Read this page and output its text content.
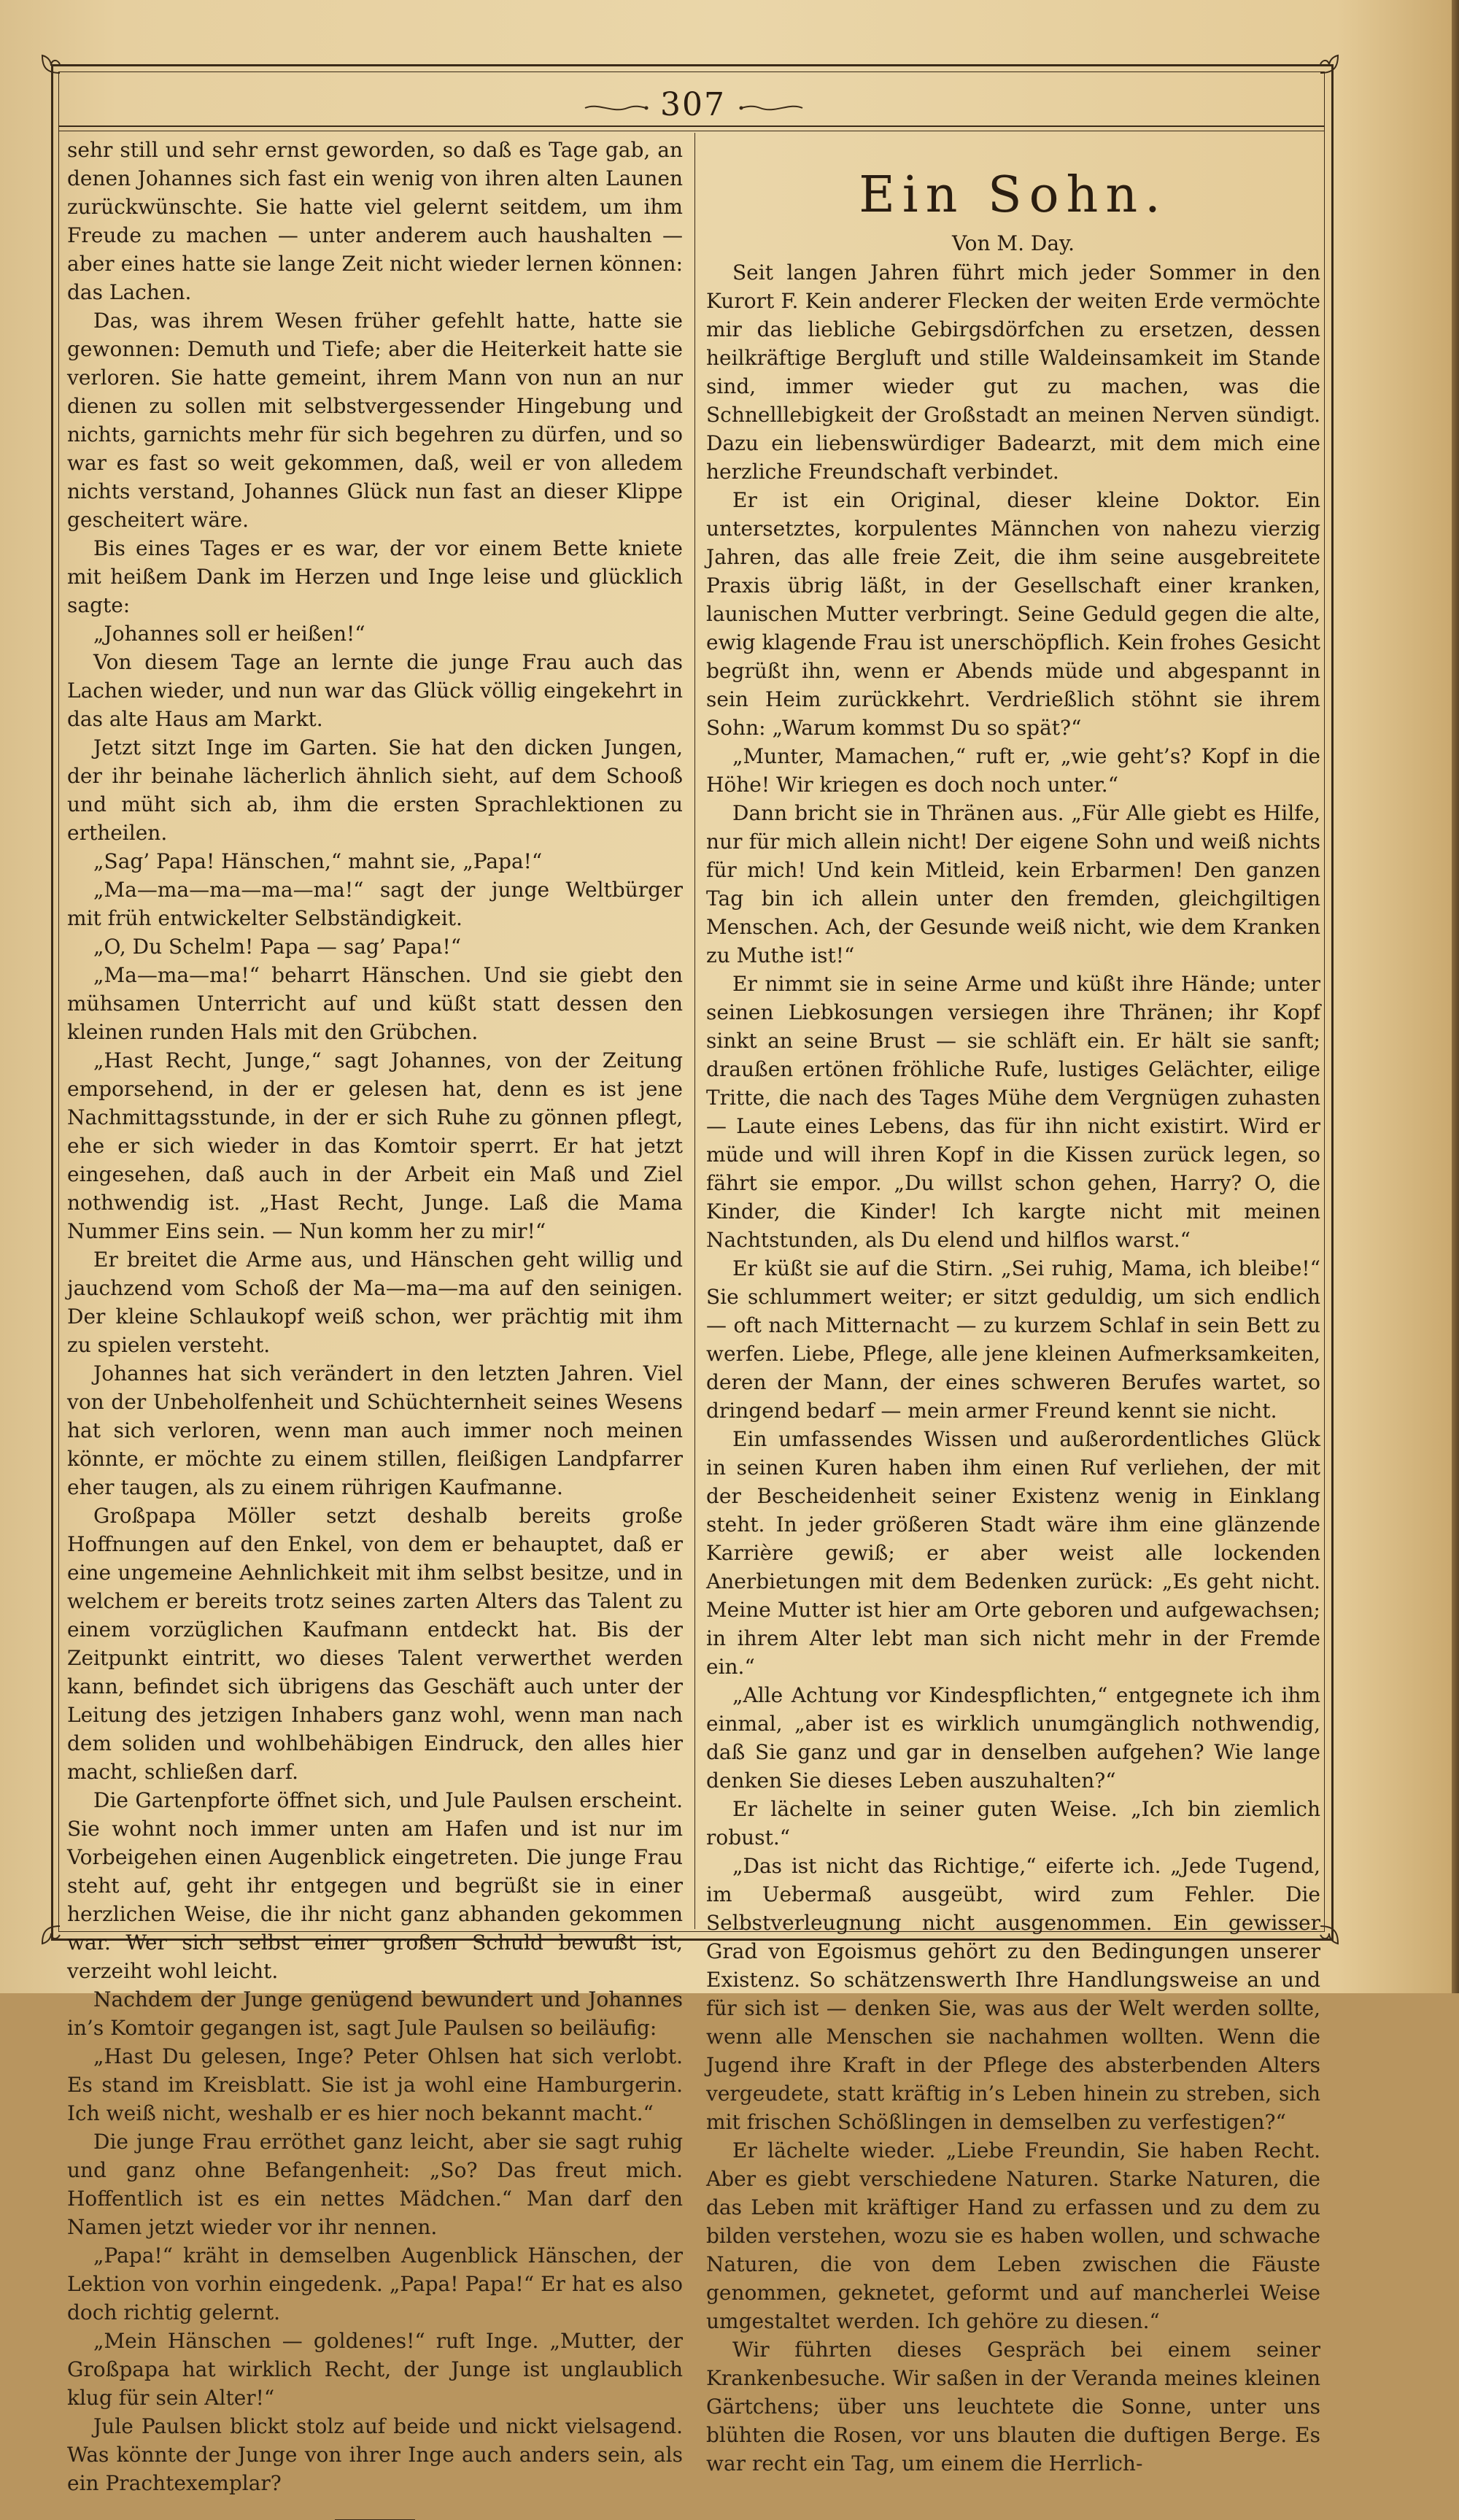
307

sehr still und sehr ernst geworden, so daß es Tage gab, an denen Johannes sich fast ein wenig von ihren alten Launen zurückwünschte. Sie hatte viel gelernt seitdem, um ihm Freude zu machen — unter anderem auch haushalten — aber eines hatte sie lange Zeit nicht wieder lernen können: das Lachen.

Das, was ihrem Wesen früher gefehlt hatte, hatte sie gewonnen: Demuth und Tiefe; aber die Heiterkeit hatte sie verloren. Sie hatte gemeint, ihrem Mann von nun an nur dienen zu sollen mit selbstvergessender Hingebung und nichts, garnichts mehr für sich begehren zu dürfen, und so war es fast so weit gekommen, daß, weil er von alledem nichts verstand, Johannes Glück nun fast an dieser Klippe gescheitert wäre.

Bis eines Tages er es war, der vor einem Bette kniete mit heißem Dank im Herzen und Inge leise und glücklich sagte:

„Johannes soll er heißen!“

Von diesem Tage an lernte die junge Frau auch das Lachen wieder, und nun war das Glück völlig eingekehrt in das alte Haus am Markt.

Jetzt sitzt Inge im Garten. Sie hat den dicken Jungen, der ihr beinahe lächerlich ähnlich sieht, auf dem Schooß und müht sich ab, ihm die ersten Sprachlektionen zu ertheilen.

„Sag’ Papa! Hänschen,“ mahnt sie, „Papa!“

„Ma—ma—ma—ma—ma!“ sagt der junge Weltbürger mit früh entwickelter Selbständigkeit.

„O, Du Schelm! Papa — sag’ Papa!“

„Ma—ma—ma!“ beharrt Hänschen. Und sie giebt den mühsamen Unterricht auf und küßt statt dessen den kleinen runden Hals mit den Grübchen.

„Hast Recht, Junge,“ sagt Johannes, von der Zeitung emporsehend, in der er gelesen hat, denn es ist jene Nachmittagsstunde, in der er sich Ruhe zu gönnen pflegt, ehe er sich wieder in das Komtoir sperrt. Er hat jetzt eingesehen, daß auch in der Arbeit ein Maß und Ziel nothwendig ist. „Hast Recht, Junge. Laß die Mama Nummer Eins sein. — Nun komm her zu mir!“

Er breitet die Arme aus, und Hänschen geht willig und jauchzend vom Schoß der Ma—ma—ma auf den seinigen. Der kleine Schlaukopf weiß schon, wer prächtig mit ihm zu spielen versteht.

Johannes hat sich verändert in den letzten Jahren. Viel von der Unbeholfenheit und Schüchternheit seines Wesens hat sich verloren, wenn man auch immer noch meinen könnte, er möchte zu einem stillen, fleißigen Landpfarrer eher taugen, als zu einem rührigen Kaufmanne.

Großpapa Möller setzt deshalb bereits große Hoffnungen auf den Enkel, von dem er behauptet, daß er eine ungemeine Aehnlichkeit mit ihm selbst besitze, und in welchem er bereits trotz seines zarten Alters das Talent zu einem vorzüglichen Kaufmann entdeckt hat. Bis der Zeitpunkt eintritt, wo dieses Talent verwerthet werden kann, befindet sich übrigens das Geschäft auch unter der Leitung des jetzigen Inhabers ganz wohl, wenn man nach dem soliden und wohlbehäbigen Eindruck, den alles hier macht, schließen darf.

Die Gartenpforte öffnet sich, und Jule Paulsen erscheint. Sie wohnt noch immer unten am Hafen und ist nur im Vorbeigehen einen Augenblick eingetreten. Die junge Frau steht auf, geht ihr entgegen und begrüßt sie in einer herzlichen Weise, die ihr nicht ganz abhanden gekommen war. Wer sich selbst einer großen Schuld bewußt ist, verzeiht wohl leicht.

Nachdem der Junge genügend bewundert und Johannes in’s Komtoir gegangen ist, sagt Jule Paulsen so beiläufig:

„Hast Du gelesen, Inge? Peter Ohlsen hat sich verlobt. Es stand im Kreisblatt. Sie ist ja wohl eine Hamburgerin. Ich weiß nicht, weshalb er es hier noch bekannt macht.“

Die junge Frau erröthet ganz leicht, aber sie sagt ruhig und ganz ohne Befangenheit: „So? Das freut mich. Hoffentlich ist es ein nettes Mädchen.“ Man darf den Namen jetzt wieder vor ihr nennen.

„Papa!“ kräht in demselben Augenblick Hänschen, der Lektion von vorhin eingedenk. „Papa! Papa!“ Er hat es also doch richtig gelernt.

„Mein Hänschen — goldenes!“ ruft Inge. „Mutter, der Großpapa hat wirklich Recht, der Junge ist unglaublich klug für sein Alter!“

Jule Paulsen blickt stolz auf beide und nickt vielsagend. Was könnte der Junge von ihrer Inge auch anders sein, als ein Prachtexemplar?

Ein Sohn.
Von M. Day.

Seit langen Jahren führt mich jeder Sommer in den Kurort F. Kein anderer Flecken der weiten Erde vermöchte mir das liebliche Gebirgsdörfchen zu ersetzen, dessen heilkräftige Bergluft und stille Waldeinsamkeit im Stande sind, immer wieder gut zu machen, was die Schnelllebigkeit der Großstadt an meinen Nerven sündigt. Dazu ein liebenswürdiger Badearzt, mit dem mich eine herzliche Freundschaft verbindet.

Er ist ein Original, dieser kleine Doktor. Ein untersetztes, korpulentes Männchen von nahezu vierzig Jahren, das alle freie Zeit, die ihm seine ausgebreitete Praxis übrig läßt, in der Gesellschaft einer kranken, launischen Mutter verbringt. Seine Geduld gegen die alte, ewig klagende Frau ist unerschöpflich. Kein frohes Gesicht begrüßt ihn, wenn er Abends müde und abgespannt in sein Heim zurückkehrt. Verdrießlich stöhnt sie ihrem Sohn: „Warum kommst Du so spät?“

„Munter, Mamachen,“ ruft er, „wie geht’s? Kopf in die Höhe! Wir kriegen es doch noch unter.“

Dann bricht sie in Thränen aus. „Für Alle giebt es Hilfe, nur für mich allein nicht! Der eigene Sohn und weiß nichts für mich! Und kein Mitleid, kein Erbarmen! Den ganzen Tag bin ich allein unter den fremden, gleichgiltigen Menschen. Ach, der Gesunde weiß nicht, wie dem Kranken zu Muthe ist!“

Er nimmt sie in seine Arme und küßt ihre Hände; unter seinen Liebkosungen versiegen ihre Thränen; ihr Kopf sinkt an seine Brust — sie schläft ein. Er hält sie sanft; draußen ertönen fröhliche Rufe, lustiges Gelächter, eilige Tritte, die nach des Tages Mühe dem Vergnügen zuhasten — Laute eines Lebens, das für ihn nicht existirt. Wird er müde und will ihren Kopf in die Kissen zurück legen, so fährt sie empor. „Du willst schon gehen, Harry? O, die Kinder, die Kinder! Ich kargte nicht mit meinen Nachtstunden, als Du elend und hilflos warst.“

Er küßt sie auf die Stirn. „Sei ruhig, Mama, ich bleibe!“ Sie schlummert weiter; er sitzt geduldig, um sich endlich — oft nach Mitternacht — zu kurzem Schlaf in sein Bett zu werfen. Liebe, Pflege, alle jene kleinen Aufmerksamkeiten, deren der Mann, der eines schweren Berufes wartet, so dringend bedarf — mein armer Freund kennt sie nicht.

Ein umfassendes Wissen und außerordentliches Glück in seinen Kuren haben ihm einen Ruf verliehen, der mit der Bescheidenheit seiner Existenz wenig in Einklang steht. In jeder größeren Stadt wäre ihm eine glänzende Karrière gewiß; er aber weist alle lockenden Anerbietungen mit dem Bedenken zurück: „Es geht nicht. Meine Mutter ist hier am Orte geboren und aufgewachsen; in ihrem Alter lebt man sich nicht mehr in der Fremde ein.“

„Alle Achtung vor Kindespflichten,“ entgegnete ich ihm einmal, „aber ist es wirklich unumgänglich nothwendig, daß Sie ganz und gar in denselben aufgehen? Wie lange denken Sie dieses Leben auszuhalten?“

Er lächelte in seiner guten Weise. „Ich bin ziemlich robust.“

„Das ist nicht das Richtige,“ eiferte ich. „Jede Tugend, im Uebermaß ausgeübt, wird zum Fehler. Die Selbstverleugnung nicht ausgenommen. Ein gewisser Grad von Egoismus gehört zu den Bedingungen unserer Existenz. So schätzenswerth Ihre Handlungsweise an und für sich ist — denken Sie, was aus der Welt werden sollte, wenn alle Menschen sie nachahmen wollten. Wenn die Jugend ihre Kraft in der Pflege des absterbenden Alters vergeudete, statt kräftig in’s Leben hinein zu streben, sich mit frischen Schößlingen in demselben zu verfestigen?“

Er lächelte wieder. „Liebe Freundin, Sie haben Recht. Aber es giebt verschiedene Naturen. Starke Naturen, die das Leben mit kräftiger Hand zu erfassen und zu dem zu bilden verstehen, wozu sie es haben wollen, und schwache Naturen, die von dem Leben zwischen die Fäuste genommen, geknetet, geformt und auf mancherlei Weise umgestaltet werden. Ich gehöre zu diesen.“

Wir führten dieses Gespräch bei einem seiner Krankenbesuche. Wir saßen in der Veranda meines kleinen Gärtchens; über uns leuchtete die Sonne, unter uns blühten die Rosen, vor uns blauten die duftigen Berge. Es war recht ein Tag, um einem die Herrlich-
